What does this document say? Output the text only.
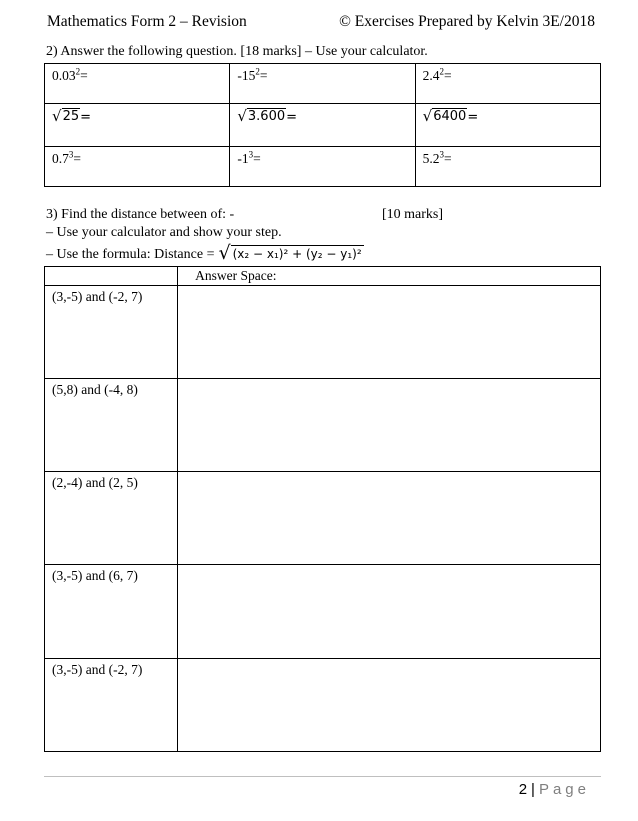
Mathematics Form 2 – Revision	© Exercises Prepared by Kelvin 3E/2018
2) Answer the following question. [18 marks] – Use your calculator.
$0.03^2=$	$-15^2=$	$2.4^2=$

√ 25 =	√ 3.600 =	√ 6400 =
$0.7^3=$	$-1^3=$	$5.2^3=$
3) Find the distance between of: -	[10 marks]
– Use your calculator and show your step.
– Use the formula: Distance = √ (x₂ − x₁)² + (y₂ − y₁)²
	Answer Space:
(3,-5) and (-2, 7)	
(5,8) and (-4, 8)	
(2,-4) and (2, 5)	
(3,-5) and (6, 7)	
(3,-5) and (-2, 7)	
2 | Page
